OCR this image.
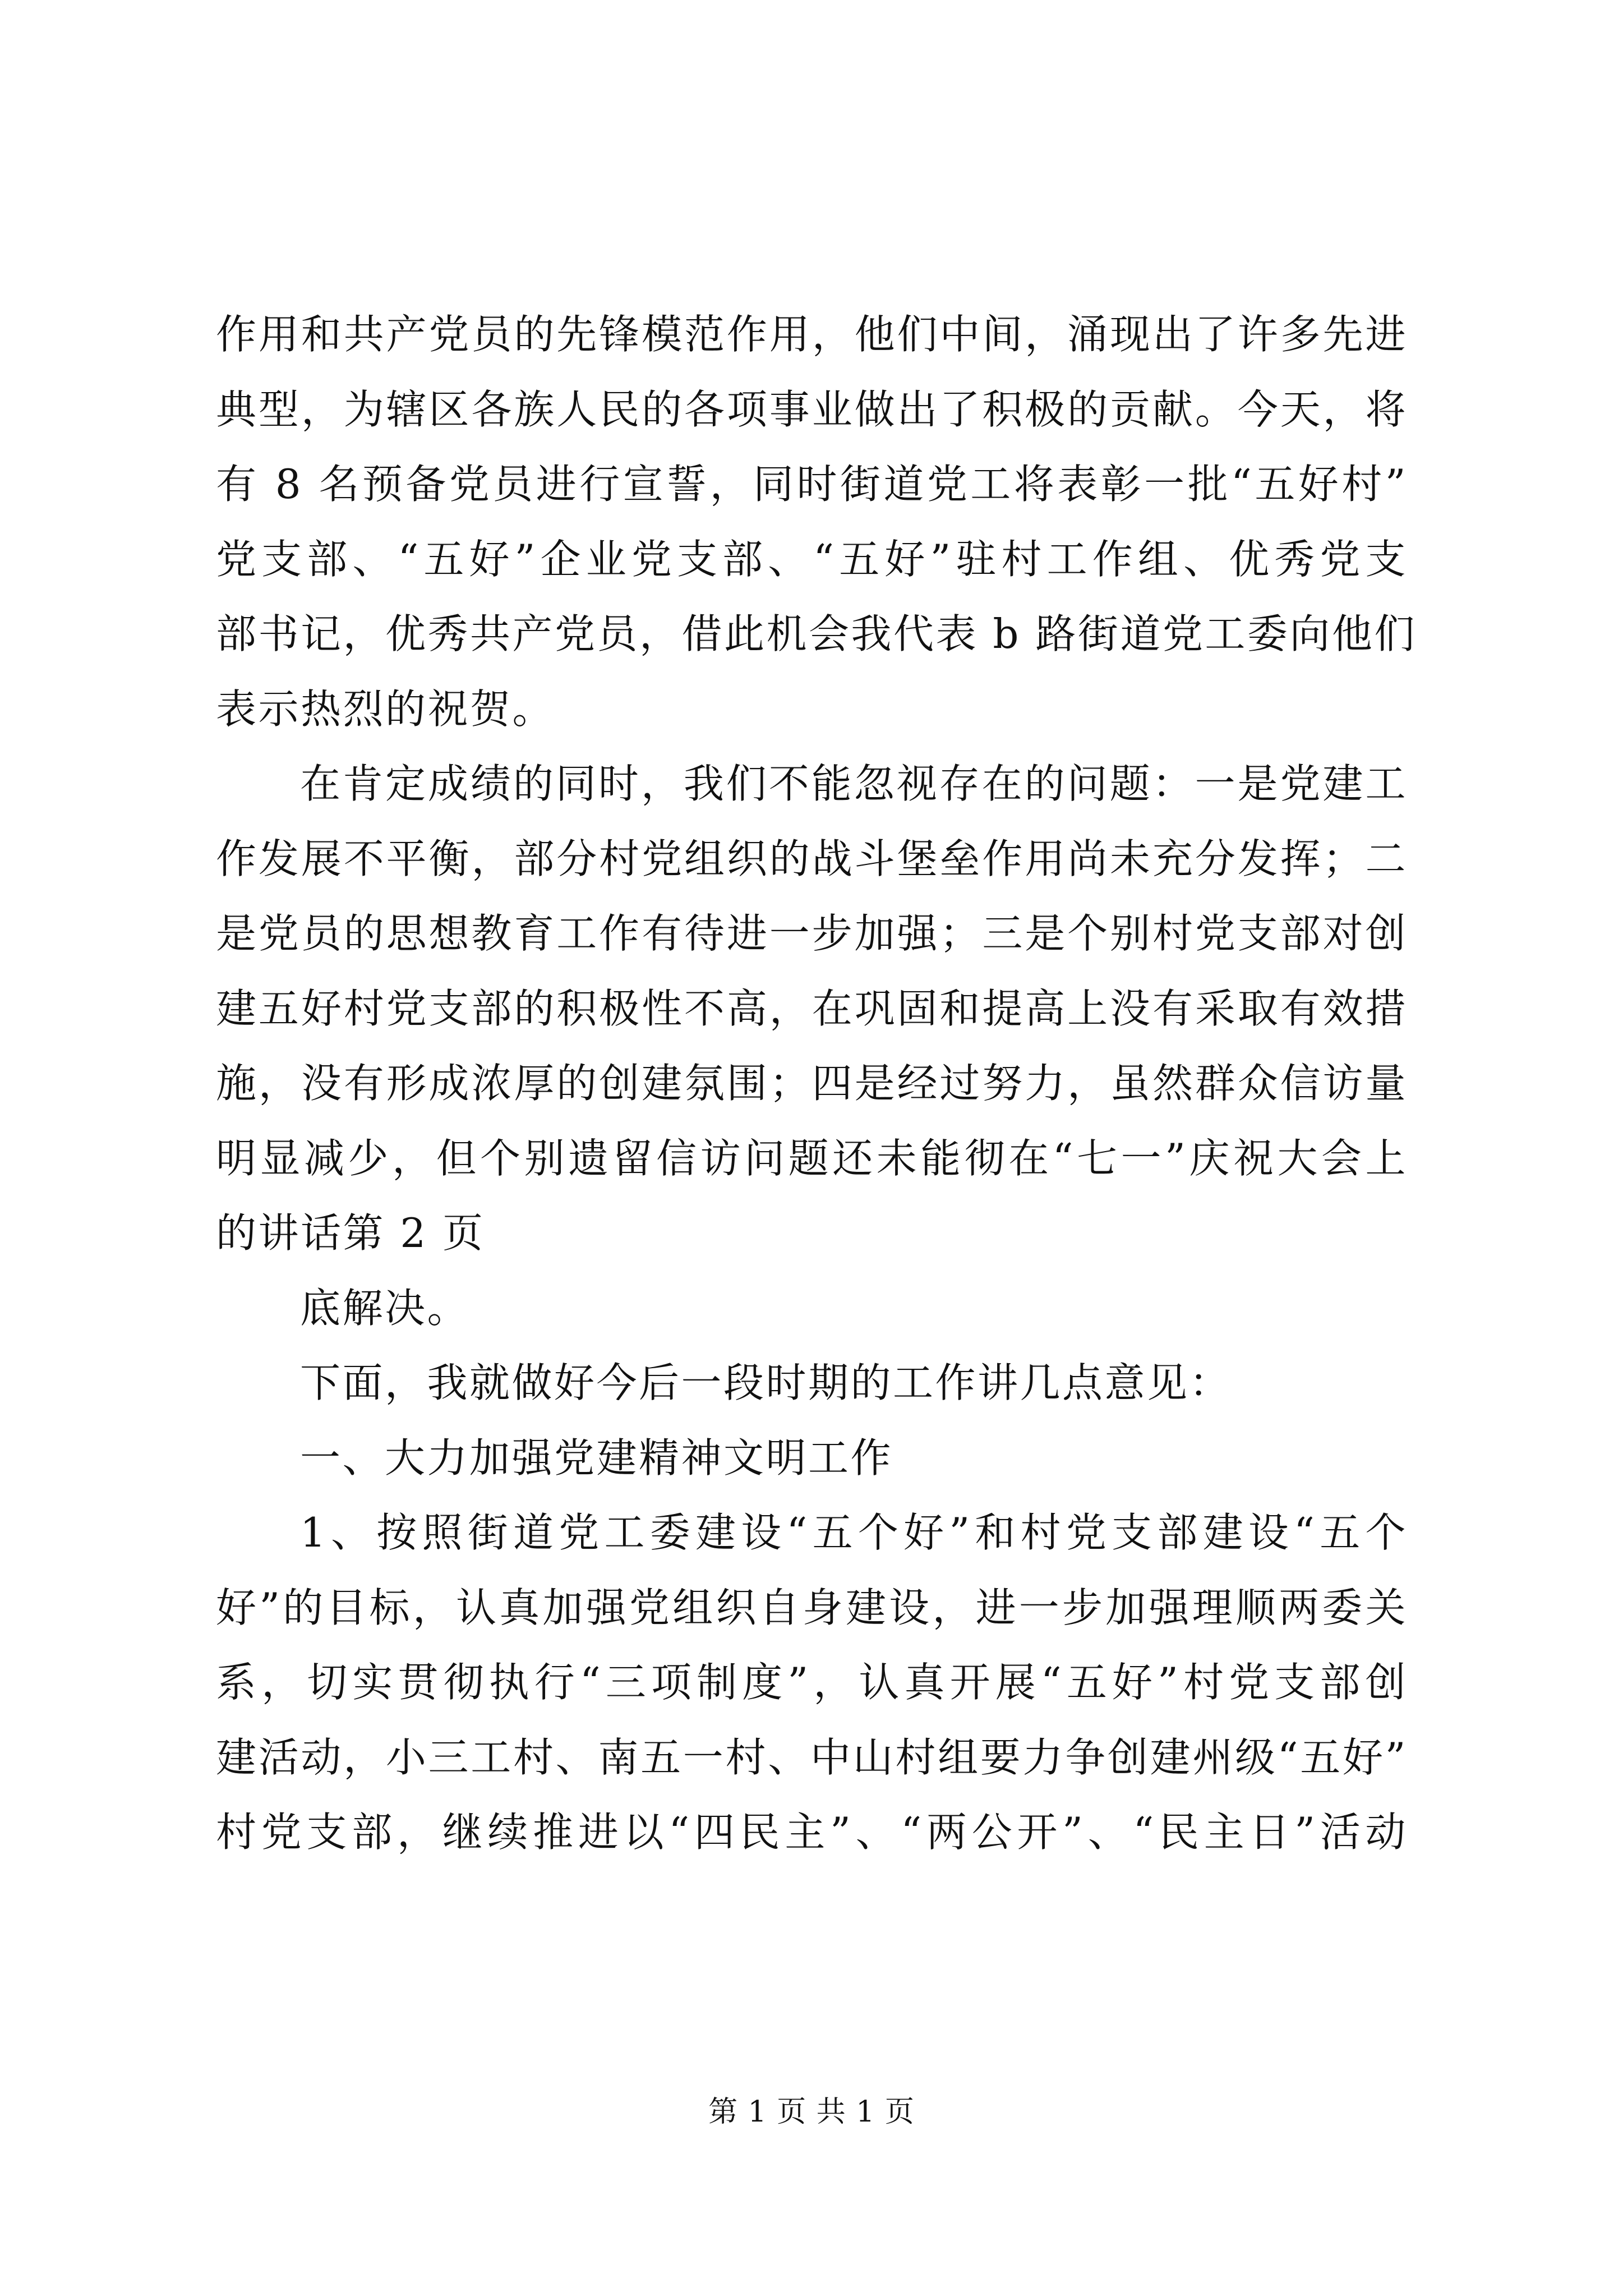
作用和共产党员的先锋模范作用，他们中间，涌现出了许多先进
典型，为辖区各族人民的各项事业做出了积极的贡献。今天，将
有 8 名预备党员进行宣誓，同时街道党工将表彰一批“五好村”
党支部、“五好”企业党支部、“五好”驻村工作组、优秀党支
部书记，优秀共产党员，借此机会我代表 b 路街道党工委向他们
表示热烈的祝贺。
在肯定成绩的同时，我们不能忽视存在的问题：一是党建工
作发展不平衡，部分村党组织的战斗堡垒作用尚未充分发挥；二
是党员的思想教育工作有待进一步加强；三是个别村党支部对创
建五好村党支部的积极性不高，在巩固和提高上没有采取有效措
施，没有形成浓厚的创建氛围；四是经过努力，虽然群众信访量
明显减少，但个别遗留信访问题还未能彻在“七一”庆祝大会上
的讲话第 2 页
底解决。
下面，我就做好今后一段时期的工作讲几点意见：
一、大力加强党建精神文明工作
1、按照街道党工委建设“五个好”和村党支部建设“五个
好”的目标，认真加强党组织自身建设，进一步加强理顺两委关
系，切实贯彻执行“三项制度”，认真开展“五好”村党支部创
建活动，小三工村、南五一村、中山村组要力争创建州级“五好”
村党支部，继续推进以“四民主”、“两公开”、“民主日”活动
第 1 页 共 1 页
